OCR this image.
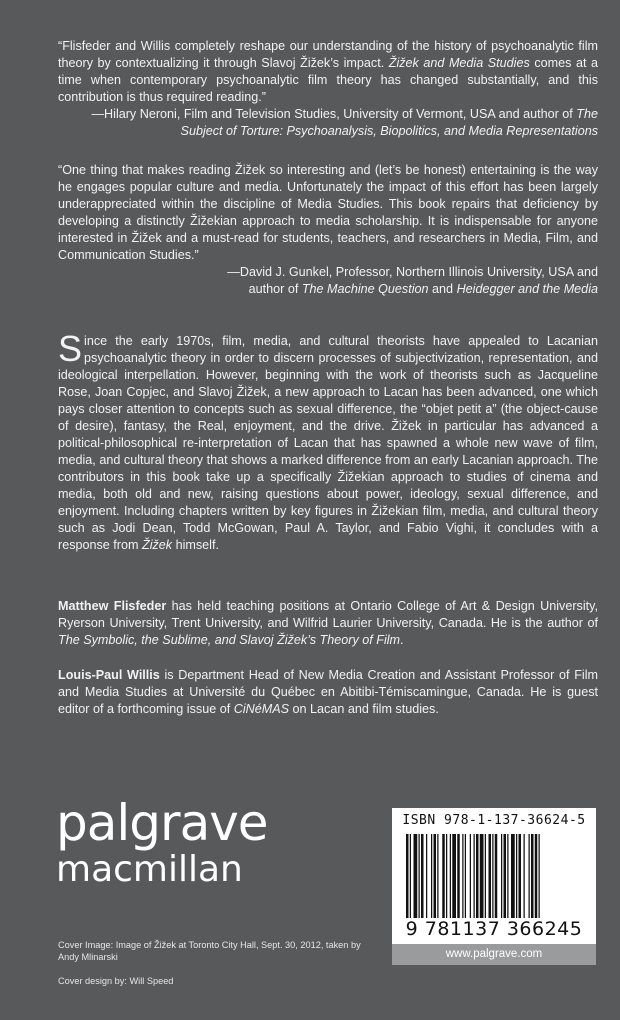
“Flisfeder and Willis completely reshape our understanding of the history of psychoanalytic film theory by contextualizing it through Slavoj Žižek’s impact. Žižek and Media Studies comes at a time when contemporary psychoanalytic film theory has changed substantially, and this contribution is thus required reading.”
—Hilary Neroni, Film and Television Studies, University of Vermont, USA and author of The Subject of Torture: Psychoanalysis, Biopolitics, and Media Representations

“One thing that makes reading Žižek so interesting and (let’s be honest) entertaining is the way he engages popular culture and media. Unfortunately the impact of this effort has been largely underappreciated within the discipline of Media Studies. This book repairs that deficiency by developing a distinctly Žižekian approach to media scholarship. It is indispensable for anyone interested in Žižek and a must-read for students, teachers, and researchers in Media, Film, and Communication Studies.”
—David J. Gunkel, Professor, Northern Illinois University, USA and
author of The Machine Question and Heidegger and the Media

Since the early 1970s, film, media, and cultural theorists have appealed to Lacanian psychoanalytic theory in order to discern processes of subjectivization, representation, and ideological interpellation. However, beginning with the work of theorists such as Jacqueline Rose, Joan Copjec, and Slavoj Žižek, a new approach to Lacan has been advanced, one which pays closer attention to concepts such as sexual difference, the “objet petit a” (the object-cause of desire), fantasy, the Real, enjoyment, and the drive. Žižek in particular has advanced a political-philosophical re-interpretation of Lacan that has spawned a whole new wave of film, media, and cultural theory that shows a marked difference from an early Lacanian approach. The contributors in this book take up a specifically Žižekian approach to studies of cinema and media, both old and new, raising questions about power, ideology, sexual difference, and enjoyment. Including chapters written by key figures in Žižekian film, media, and cultural theory such as Jodi Dean, Todd McGowan, Paul A. Taylor, and Fabio Vighi, it concludes with a response from Žižek himself.

Matthew Flisfeder has held teaching positions at Ontario College of Art & Design University, Ryerson University, Trent University, and Wilfrid Laurier University, Canada. He is the author of The Symbolic, the Sublime, and Slavoj Žižek’s Theory of Film.

Louis-Paul Willis is Department Head of New Media Creation and Assistant Professor of Film and Media Studies at Université du Québec en Abitibi-Témiscamingue, Canada. He is guest editor of a forthcoming issue of CiNéMAS on Lacan and film studies.

palgrave
macmillan
Cover Image: Image of Žižek at Toronto City Hall, Sept. 30, 2012, taken by Andy Mlinarski
Cover design by: Will Speed
ISBN 978-1-137-36624-5
9 781137 366245
www.palgrave.com
